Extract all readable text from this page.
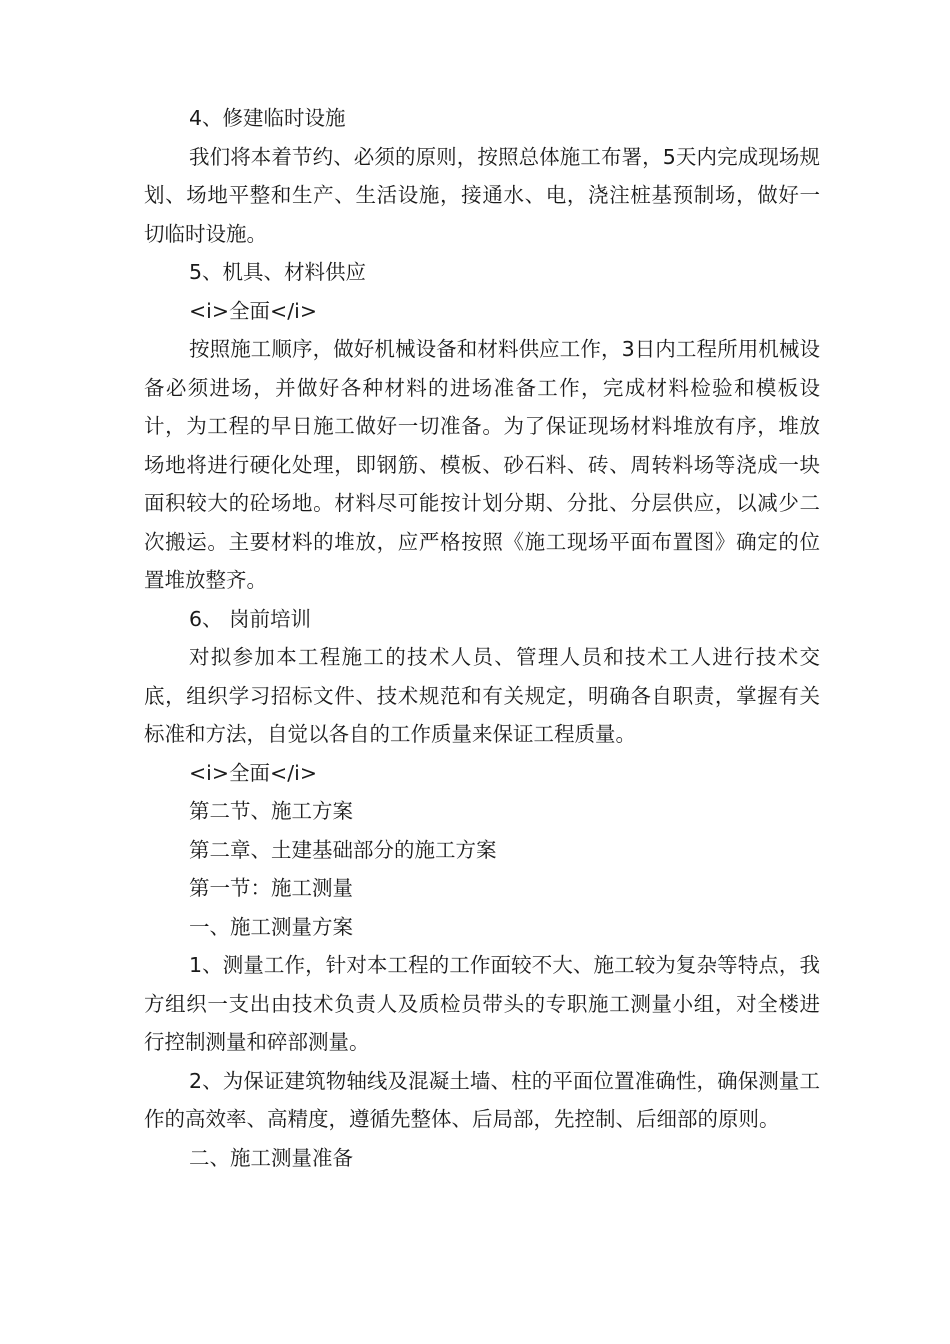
4、修建临时设施

我们将本着节约、必须的原则，按照总体施工布署，5天内完成现场规划、场地平整和生产、生活设施，接通水、电，浇注桩基预制场，做好一切临时设施。

5、机具、材料供应

<i>全面</i>

按照施工顺序，做好机械设备和材料供应工作，3日内工程所用机械设备必须进场，并做好各种材料的进场准备工作，完成材料检验和模板设计，为工程的早日施工做好一切准备。为了保证现场材料堆放有序，堆放场地将进行硬化处理，即钢筋、模板、砂石料、砖、周转料场等浇成一块面积较大的砼场地。材料尽可能按计划分期、分批、分层供应，以减少二次搬运。主要材料的堆放，应严格按照《施工现场平面布置图》确定的位置堆放整齐。

6、 岗前培训

对拟参加本工程施工的技术人员、管理人员和技术工人进行技术交底，组织学习招标文件、技术规范和有关规定，明确各自职责，掌握有关标准和方法，自觉以各自的工作质量来保证工程质量。

<i>全面</i>

第二节、施工方案

第二章、土建基础部分的施工方案

第一节：施工测量

一、施工测量方案

1、测量工作，针对本工程的工作面较不大、施工较为复杂等特点，我方组织一支出由技术负责人及质检员带头的专职施工测量小组，对全楼进行控制测量和碎部测量。

2、为保证建筑物轴线及混凝土墙、柱的平面位置准确性，确保测量工作的高效率、高精度，遵循先整体、后局部，先控制、后细部的原则。

二、施工测量准备
